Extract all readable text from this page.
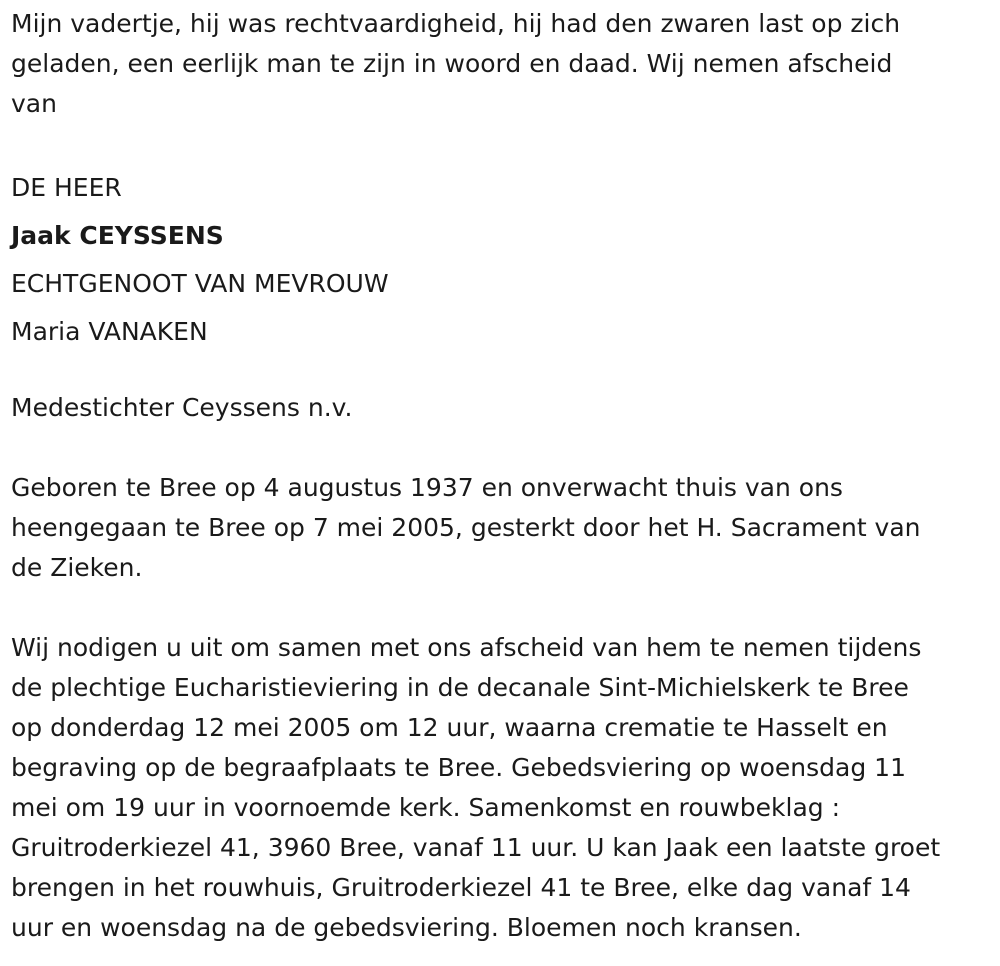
Mijn vadertje, hij was rechtvaardigheid, hij had den zwaren last op zich
geladen, een eerlijk man te zijn in woord en daad. Wij nemen afscheid
van
DE HEER
Jaak CEYSSENS
ECHTGENOOT VAN MEVROUW
Maria VANAKEN
Medestichter Ceyssens n.v.
Geboren te Bree op 4 augustus 1937 en onverwacht thuis van ons
heengegaan te Bree op 7 mei 2005, gesterkt door het H. Sacrament van
de Zieken.
Wij nodigen u uit om samen met ons afscheid van hem te nemen tijdens
de plechtige Eucharistieviering in de decanale Sint-Michielskerk te Bree
op donderdag 12 mei 2005 om 12 uur, waarna crematie te Hasselt en
begraving op de begraafplaats te Bree. Gebedsviering op woensdag 11
mei om 19 uur in voornoemde kerk. Samenkomst en rouwbeklag :
Gruitroderkiezel 41, 3960 Bree, vanaf 11 uur. U kan Jaak een laatste groet
brengen in het rouwhuis, Gruitroderkiezel 41 te Bree, elke dag vanaf 14
uur en woensdag na de gebedsviering. Bloemen noch kransen.
